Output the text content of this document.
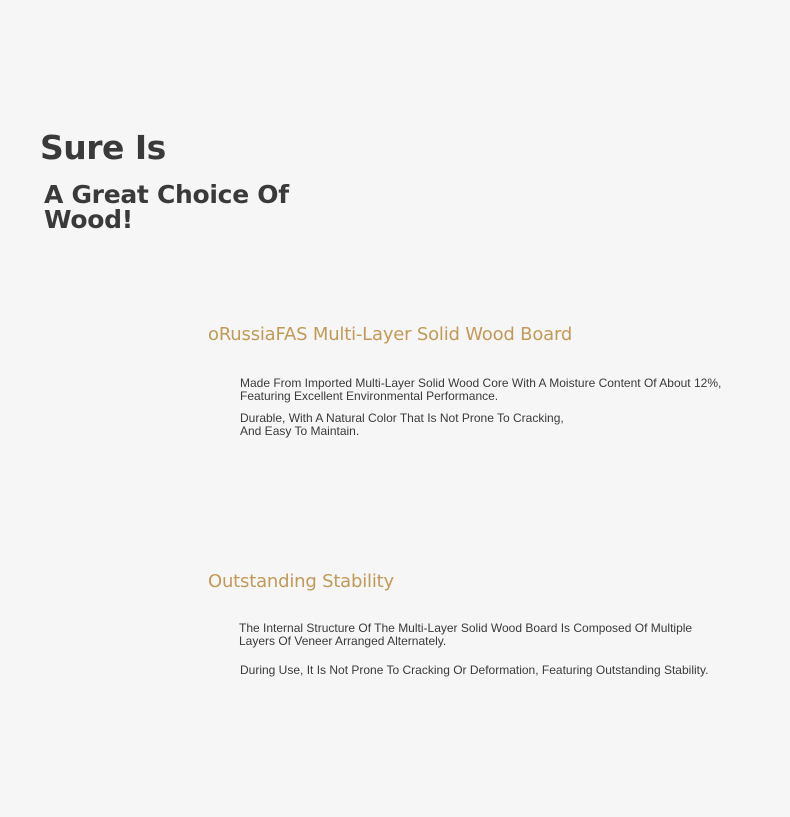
Sure Is
A Great Choice Of
Wood!
oRussiaFAS Multi-Layer Solid Wood Board

Made From Imported Multi-Layer Solid Wood Core With A Moisture Content Of About 12%,
Featuring Excellent Environmental Performance.

Durable, With A Natural Color That Is Not Prone To Cracking,
And Easy To Maintain.

Outstanding Stability

The Internal Structure Of The Multi-Layer Solid Wood Board Is Composed Of Multiple
Layers Of Veneer Arranged Alternately.

During Use, It Is Not Prone To Cracking Or Deformation, Featuring Outstanding Stability.
